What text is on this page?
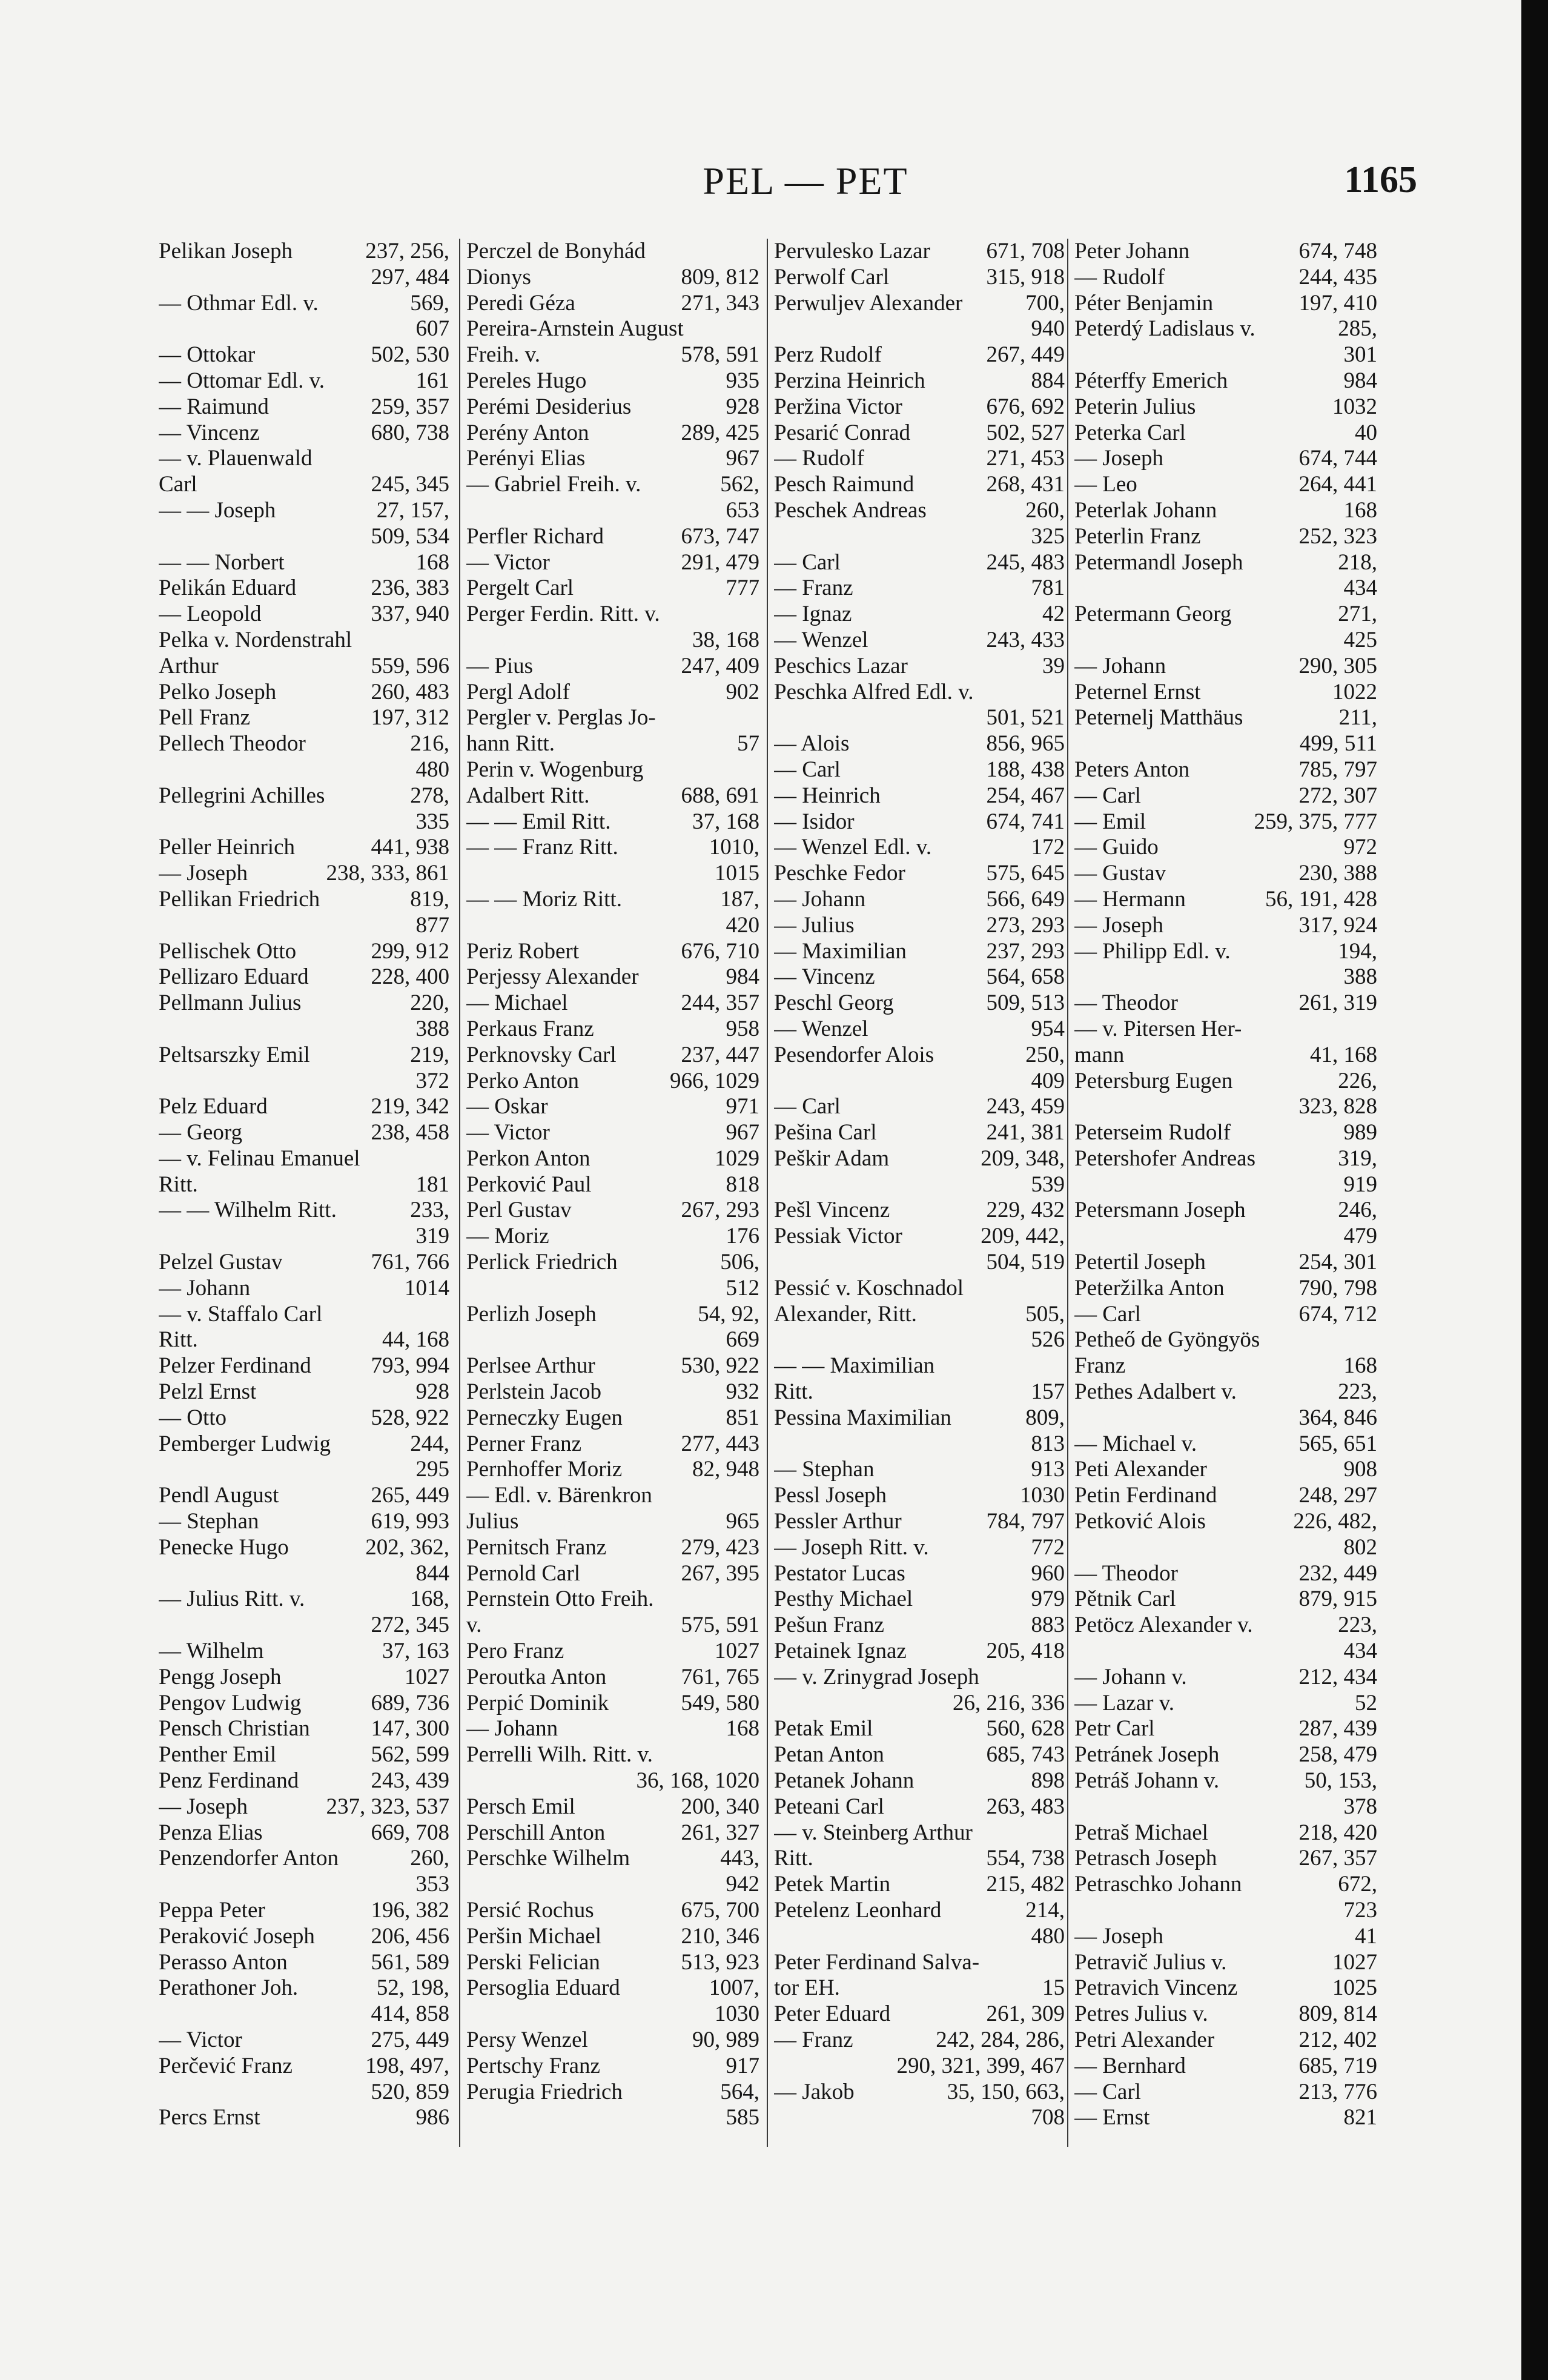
PEL — PET	1165
Pelikan Joseph	237, 256,
297, 484
— Othmar Edl. v.	569,
607
— Ottokar	502, 530
— Ottomar Edl. v.	161
— Raimund	259, 357
— Vincenz	680, 738
— v. Plauenwald
Carl	245, 345
— — Joseph	27, 157,
509, 534
— — Norbert	168
Pelikán Eduard	236, 383
— Leopold	337, 940
Pelka v. Nordenstrahl
Arthur	559, 596
Pelko Joseph	260, 483
Pell Franz	197, 312
Pellech Theodor	216,
480
Pellegrini Achilles	278,
335
Peller Heinrich	441, 938
— Joseph	238, 333, 861
Pellikan Friedrich	819,
877
Pellischek Otto	299, 912
Pellizaro Eduard	228, 400
Pellmann Julius	220,
388
Peltsarszky Emil	219,
372
Pelz Eduard	219, 342
— Georg	238, 458
— v. Felinau Emanuel
Ritt.	181
— — Wilhelm Ritt.	233,
319
Pelzel Gustav	761, 766
— Johann	1014
— v. Staffalo Carl
Ritt.	44, 168
Pelzer Ferdinand	793, 994
Pelzl Ernst	928
— Otto	528, 922
Pemberger Ludwig	244,
295
Pendl August	265, 449
— Stephan	619, 993
Penecke Hugo	202, 362,
844
— Julius Ritt. v.	168,
272, 345
— Wilhelm	37, 163
Pengg Joseph	1027
Pengov Ludwig	689, 736
Pensch Christian	147, 300
Penther Emil	562, 599
Penz Ferdinand	243, 439
— Joseph	237, 323, 537
Penza Elias	669, 708
Penzendorfer Anton	260,
353
Peppa Peter	196, 382
Peraković Joseph	206, 456
Perasso Anton	561, 589
Perathoner Joh.	52, 198,
414, 858
— Victor	275, 449
Perčević Franz	198, 497,
520, 859
Percs Ernst	986
Perczel de Bonyhád
Dionys	809, 812
Peredi Géza	271, 343
Pereira-Arnstein August
Freih. v.	578, 591
Pereles Hugo	935
Perémi Desiderius	928
Perény Anton	289, 425
Perényi Elias	967
— Gabriel Freih. v.	562,
653
Perfler Richard	673, 747
— Victor	291, 479
Pergelt Carl	777
Perger Ferdin. Ritt. v.
38, 168
— Pius	247, 409
Pergl Adolf	902
Pergler v. Perglas Jo-
hann Ritt.	57
Perin v. Wogenburg
Adalbert Ritt.	688, 691
— — Emil Ritt.	37, 168
— — Franz Ritt.	1010,
1015
— — Moriz Ritt.	187,
420
Periz Robert	676, 710
Perjessy Alexander	984
— Michael	244, 357
Perkaus Franz	958
Perknovsky Carl	237, 447
Perko Anton	966, 1029
— Oskar	971
— Victor	967
Perkon Anton	1029
Perković Paul	818
Perl Gustav	267, 293
— Moriz	176
Perlick Friedrich	506,
512
Perlizh Joseph	54, 92,
669
Perlsee Arthur	530, 922
Perlstein Jacob	932
Perneczky Eugen	851
Perner Franz	277, 443
Pernhoffer Moriz	82, 948
— Edl. v. Bärenkron
Julius	965
Pernitsch Franz	279, 423
Pernold Carl	267, 395
Pernstein Otto Freih.
v.	575, 591
Pero Franz	1027
Peroutka Anton	761, 765
Perpić Dominik	549, 580
— Johann	168
Perrelli Wilh. Ritt. v.
36, 168, 1020
Persch Emil	200, 340
Perschill Anton	261, 327
Perschke Wilhelm	443,
942
Persić Rochus	675, 700
Peršin Michael	210, 346
Perski Felician	513, 923
Persoglia Eduard	1007,
1030
Persy Wenzel	90, 989
Pertschy Franz	917
Perugia Friedrich	564,
585
Pervulesko Lazar	671, 708
Perwolf Carl	315, 918
Perwuljev Alexander	700,
940
Perz Rudolf	267, 449
Perzina Heinrich	884
Peržina Victor	676, 692
Pesarić Conrad	502, 527
— Rudolf	271, 453
Pesch Raimund	268, 431
Peschek Andreas	260,
325
— Carl	245, 483
— Franz	781
— Ignaz	42
— Wenzel	243, 433
Peschics Lazar	39
Peschka Alfred Edl. v.
501, 521
— Alois	856, 965
— Carl	188, 438
— Heinrich	254, 467
— Isidor	674, 741
— Wenzel Edl. v.	172
Peschke Fedor	575, 645
— Johann	566, 649
— Julius	273, 293
— Maximilian	237, 293
— Vincenz	564, 658
Peschl Georg	509, 513
— Wenzel	954
Pesendorfer Alois	250,
409
— Carl	243, 459
Pešina Carl	241, 381
Peškir Adam	209, 348,
539
Pešl Vincenz	229, 432
Pessiak Victor	209, 442,
504, 519
Pessić v. Koschnadol
Alexander, Ritt.	505,
526
— — Maximilian
Ritt.	157
Pessina Maximilian	809,
813
— Stephan	913
Pessl Joseph	1030
Pessler Arthur	784, 797
— Joseph Ritt. v.	772
Pestator Lucas	960
Pesthy Michael	979
Pešun Franz	883
Petainek Ignaz	205, 418
— v. Zrinygrad Joseph
26, 216, 336
Petak Emil	560, 628
Petan Anton	685, 743
Petanek Johann	898
Peteani Carl	263, 483
— v. Steinberg Arthur
Ritt.	554, 738
Petek Martin	215, 482
Petelenz Leonhard	214,
480
Peter Ferdinand Salva-
tor EH.	15
Peter Eduard	261, 309
— Franz	242, 284, 286,
290, 321, 399, 467
— Jakob	35, 150, 663,
708
Peter Johann	674, 748
— Rudolf	244, 435
Péter Benjamin	197, 410
Peterdý Ladislaus v.	285,
301
Péterffy Emerich	984
Peterin Julius	1032
Peterka Carl	40
— Joseph	674, 744
— Leo	264, 441
Peterlak Johann	168
Peterlin Franz	252, 323
Petermandl Joseph	218,
434
Petermann Georg	271,
425
— Johann	290, 305
Peternel Ernst	1022
Peternelj Matthäus	211,
499, 511
Peters Anton	785, 797
— Carl	272, 307
— Emil	259, 375, 777
— Guido	972
— Gustav	230, 388
— Hermann	56, 191, 428
— Joseph	317, 924
— Philipp Edl. v.	194,
388
— Theodor	261, 319
— v. Pitersen Her-
mann	41, 168
Petersburg Eugen	226,
323, 828
Peterseim Rudolf	989
Petershofer Andreas	319,
919
Petersmann Joseph	246,
479
Petertil Joseph	254, 301
Peteržilka Anton	790, 798
— Carl	674, 712
Petheő de Gyöngyös
Franz	168
Pethes Adalbert v.	223,
364, 846
— Michael v.	565, 651
Peti Alexander	908
Petin Ferdinand	248, 297
Petković Alois	226, 482,
802
— Theodor	232, 449
Pětnik Carl	879, 915
Petöcz Alexander v.	223,
434
— Johann v.	212, 434
— Lazar v.	52
Petr Carl	287, 439
Petránek Joseph	258, 479
Petráš Johann v.	50, 153,
378
Petraš Michael	218, 420
Petrasch Joseph	267, 357
Petraschko Johann	672,
723
— Joseph	41
Petravič Julius v.	1027
Petravich Vincenz	1025
Petres Julius v.	809, 814
Petri Alexander	212, 402
— Bernhard	685, 719
— Carl	213, 776
— Ernst	821
